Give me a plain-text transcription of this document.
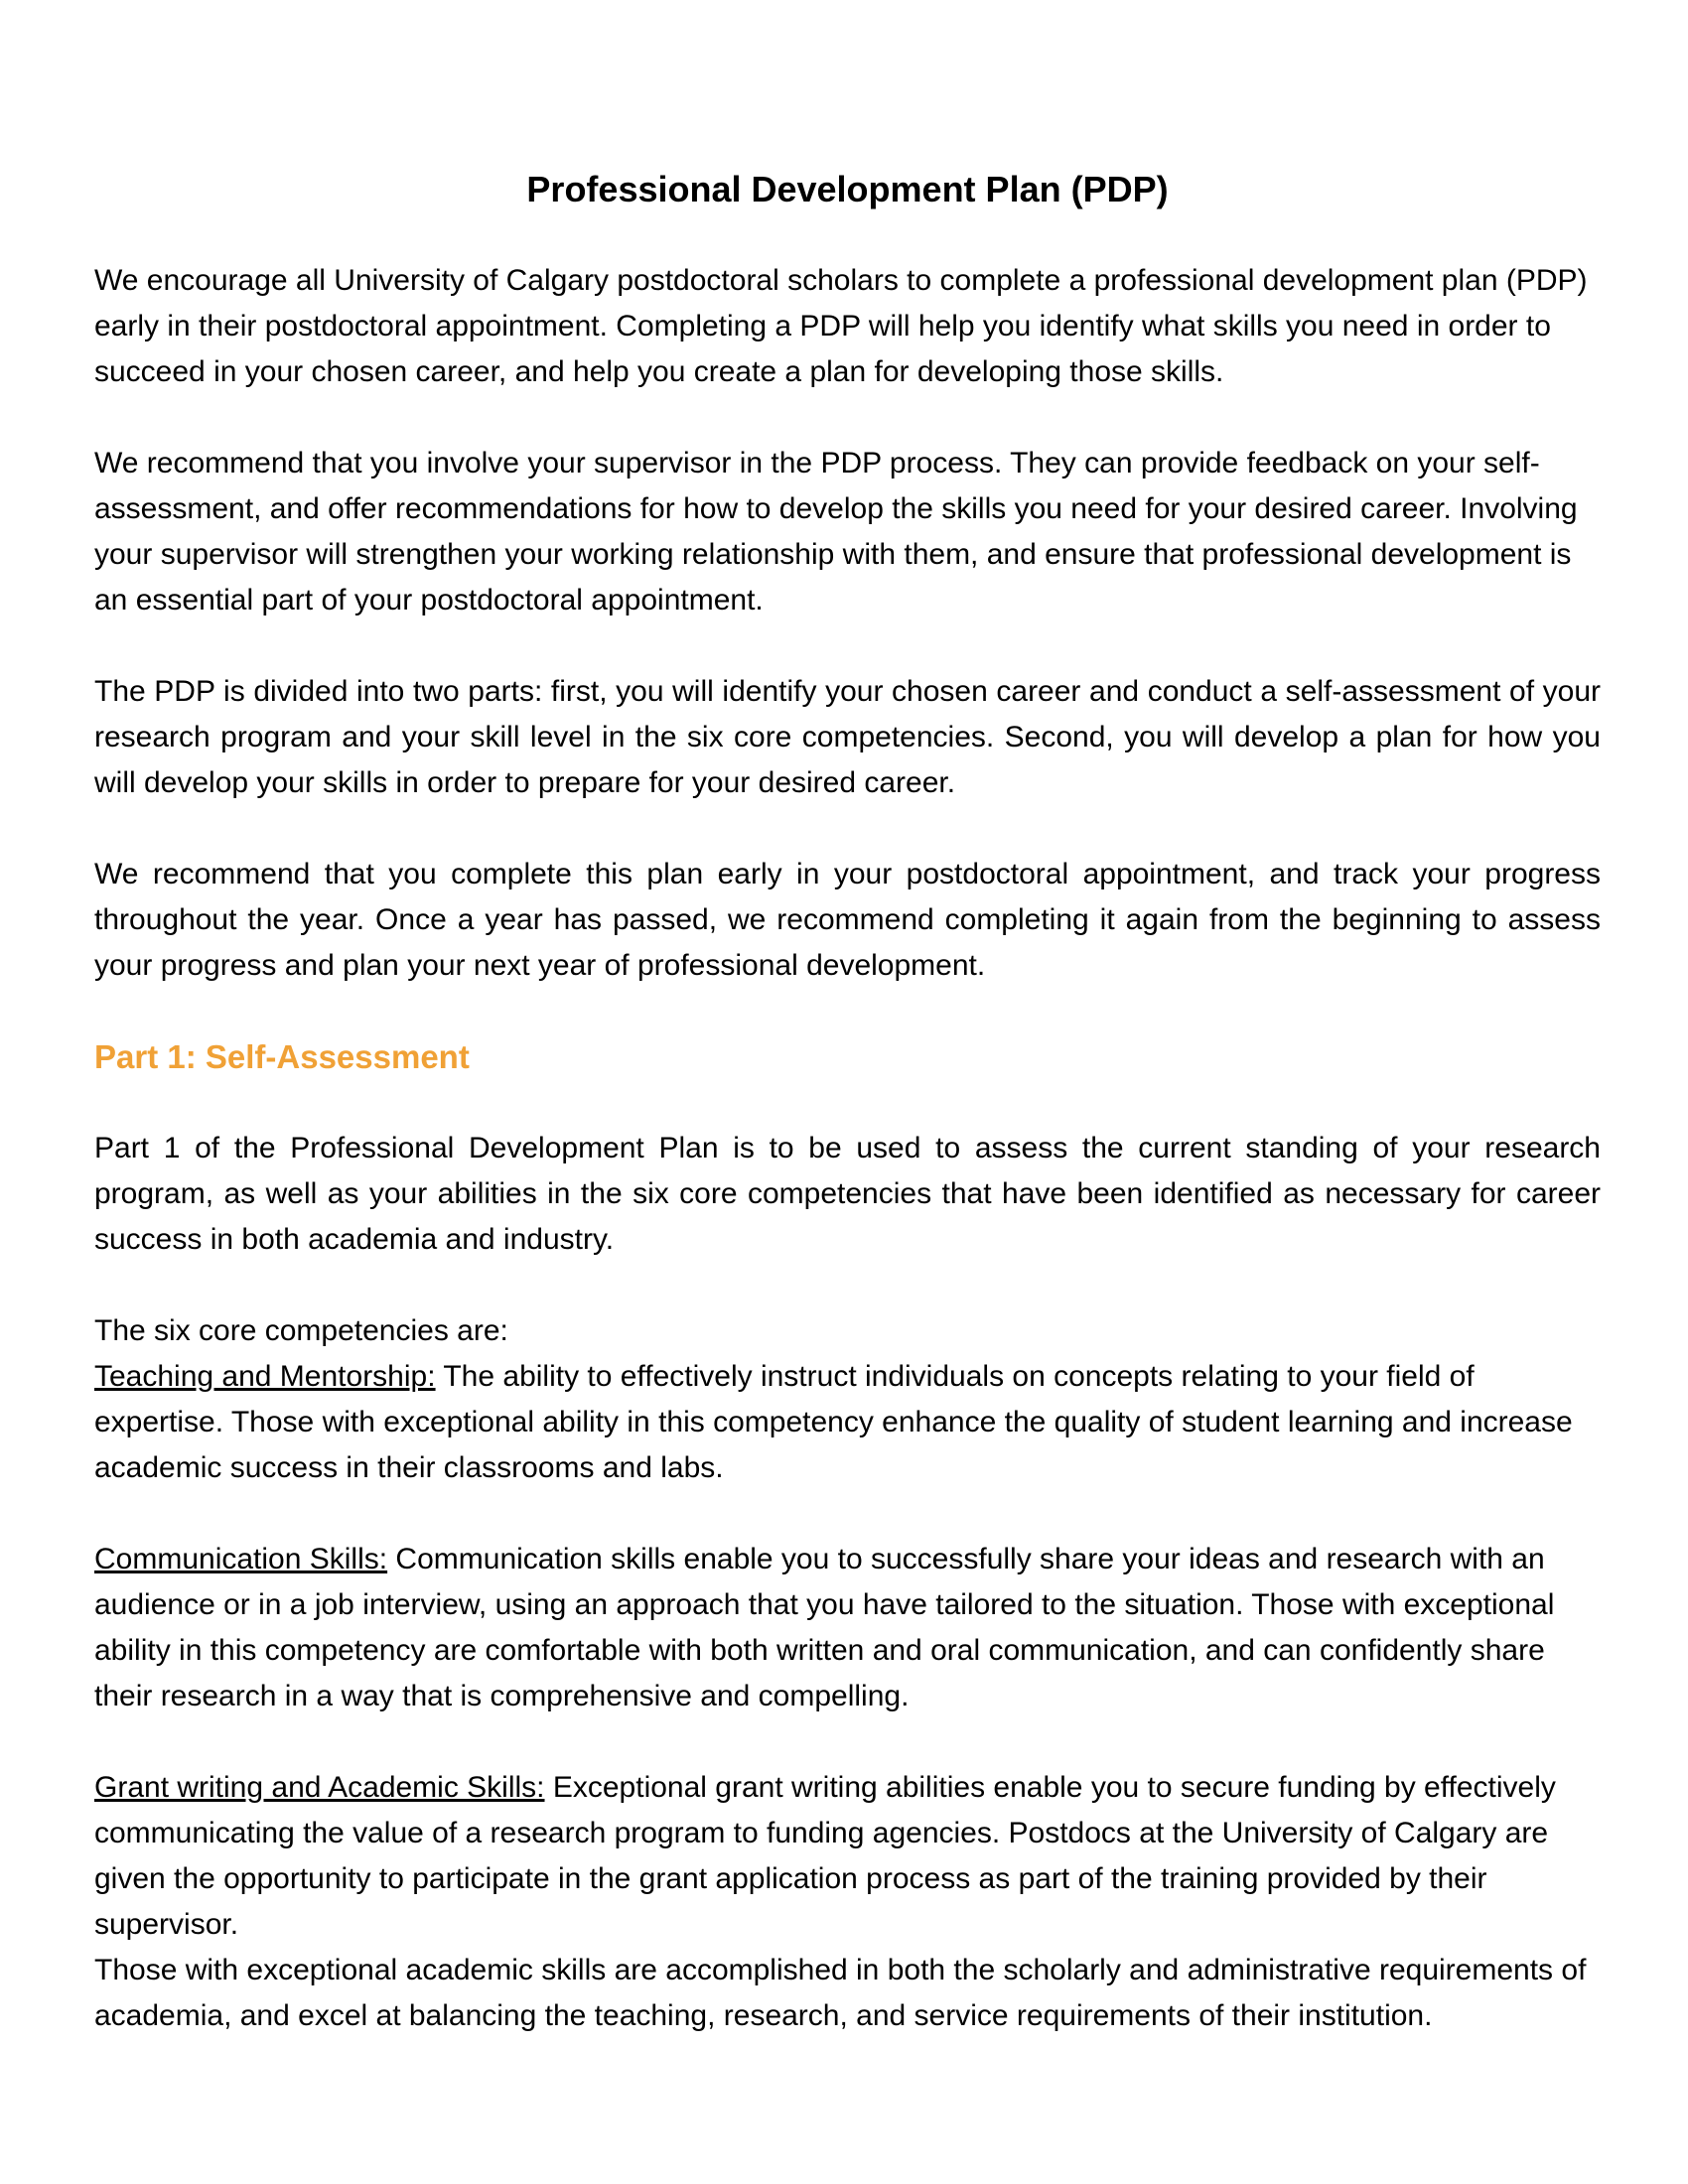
Professional Development Plan (PDP)

We encourage all University of Calgary postdoctoral scholars to complete a professional development plan (PDP) early in their postdoctoral appointment. Completing a PDP will help you identify what skills you need in order to succeed in your chosen career, and help you create a plan for developing those skills.

We recommend that you involve your supervisor in the PDP process. They can provide feedback on your self-assessment, and offer recommendations for how to develop the skills you need for your desired career. Involving your supervisor will strengthen your working relationship with them, and ensure that professional development is an essential part of your postdoctoral appointment.

The PDP is divided into two parts: first, you will identify your chosen career and conduct a self-assessment of your research program and your skill level in the six core competencies. Second, you will develop a plan for how you will develop your skills in order to prepare for your desired career.

We recommend that you complete this plan early in your postdoctoral appointment, and track your progress throughout the year. Once a year has passed, we recommend completing it again from the beginning to assess your progress and plan your next year of professional development.

Part 1: Self-Assessment

Part 1 of the Professional Development Plan is to be used to assess the current standing of your research program, as well as your abilities in the six core competencies that have been identified as necessary for career success in both academia and industry.

The six core competencies are:
Teaching and Mentorship: The ability to effectively instruct individuals on concepts relating to your field of expertise. Those with exceptional ability in this competency enhance the quality of student learning and increase academic success in their classrooms and labs.

Communication Skills: Communication skills enable you to successfully share your ideas and research with an audience or in a job interview, using an approach that you have tailored to the situation. Those with exceptional ability in this competency are comfortable with both written and oral communication, and can confidently share their research in a way that is comprehensive and compelling.

Grant writing and Academic Skills: Exceptional grant writing abilities enable you to secure funding by effectively communicating the value of a research program to funding agencies. Postdocs at the University of Calgary are given the opportunity to participate in the grant application process as part of the training provided by their supervisor.
Those with exceptional academic skills are accomplished in both the scholarly and administrative requirements of academia, and excel at balancing the teaching, research, and service requirements of their institution.
